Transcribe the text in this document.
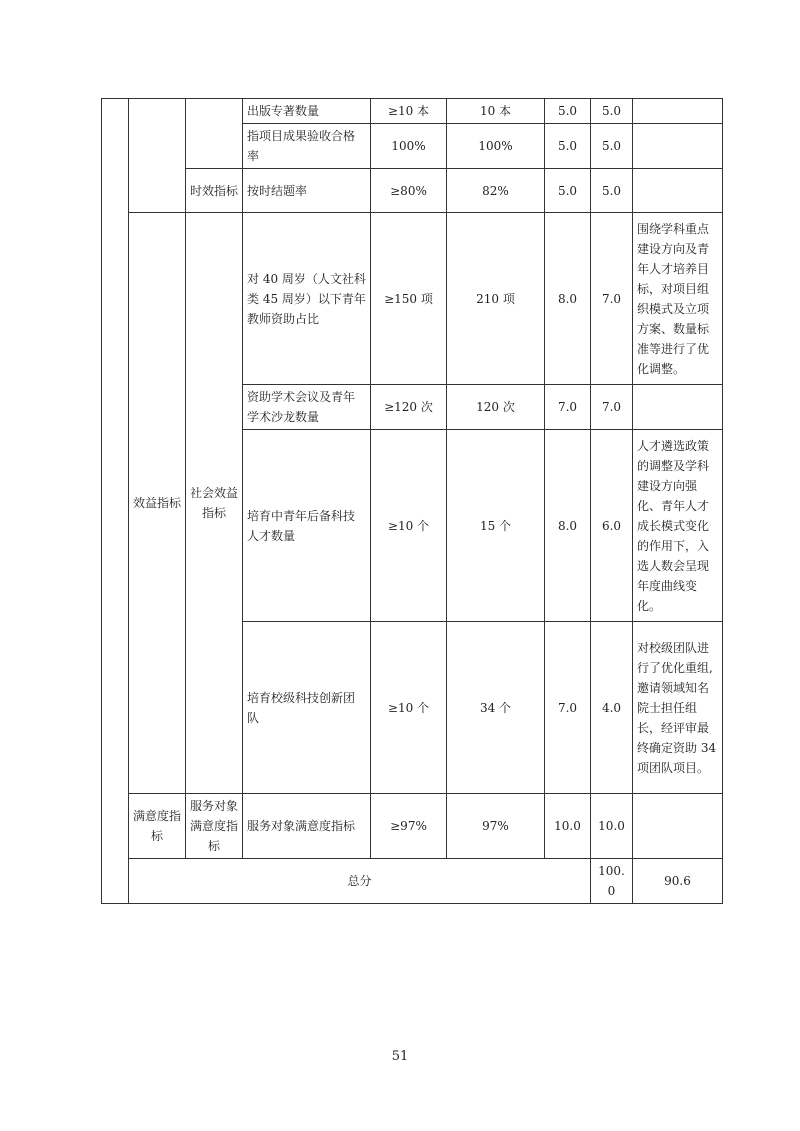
			出版专著数量	≥10 本	10 本	5.0	5.0		
			指项目成果验收合格率	100%	100%	5.0	5.0		
		时效指标	按时结题率	≥80%	82%	5.0	5.0		
	效益指标	社会效益指标	对 40 周岁（人文社科类 45 周岁）以下青年教师资助占比	≥150 项	210 项	8.0	7.0	围绕学科重点建设方向及青年人才培养目标，对项目组织模式及立项方案、数量标准等进行了优化调整。	
			资助学术会议及青年学术沙龙数量	≥120 次	120 次	7.0	7.0		
			培育中青年后备科技人才数量	≥10 个	15 个	8.0	6.0	人才遴选政策的调整及学科建设方向强化、青年人才成长模式变化的作用下，入选人数会呈现年度曲线变化。	
			培育校级科技创新团队	≥10 个	34 个	7.0	4.0	对校级团队进行了优化重组,邀请领域知名院士担任组长，经评审最终确定资助 34 项团队项目。	
	满意度指标	服务对象满意度指标	服务对象满意度指标	≥97%	97%	10.0	10.0		
	总分						100.0	90.6	
51
